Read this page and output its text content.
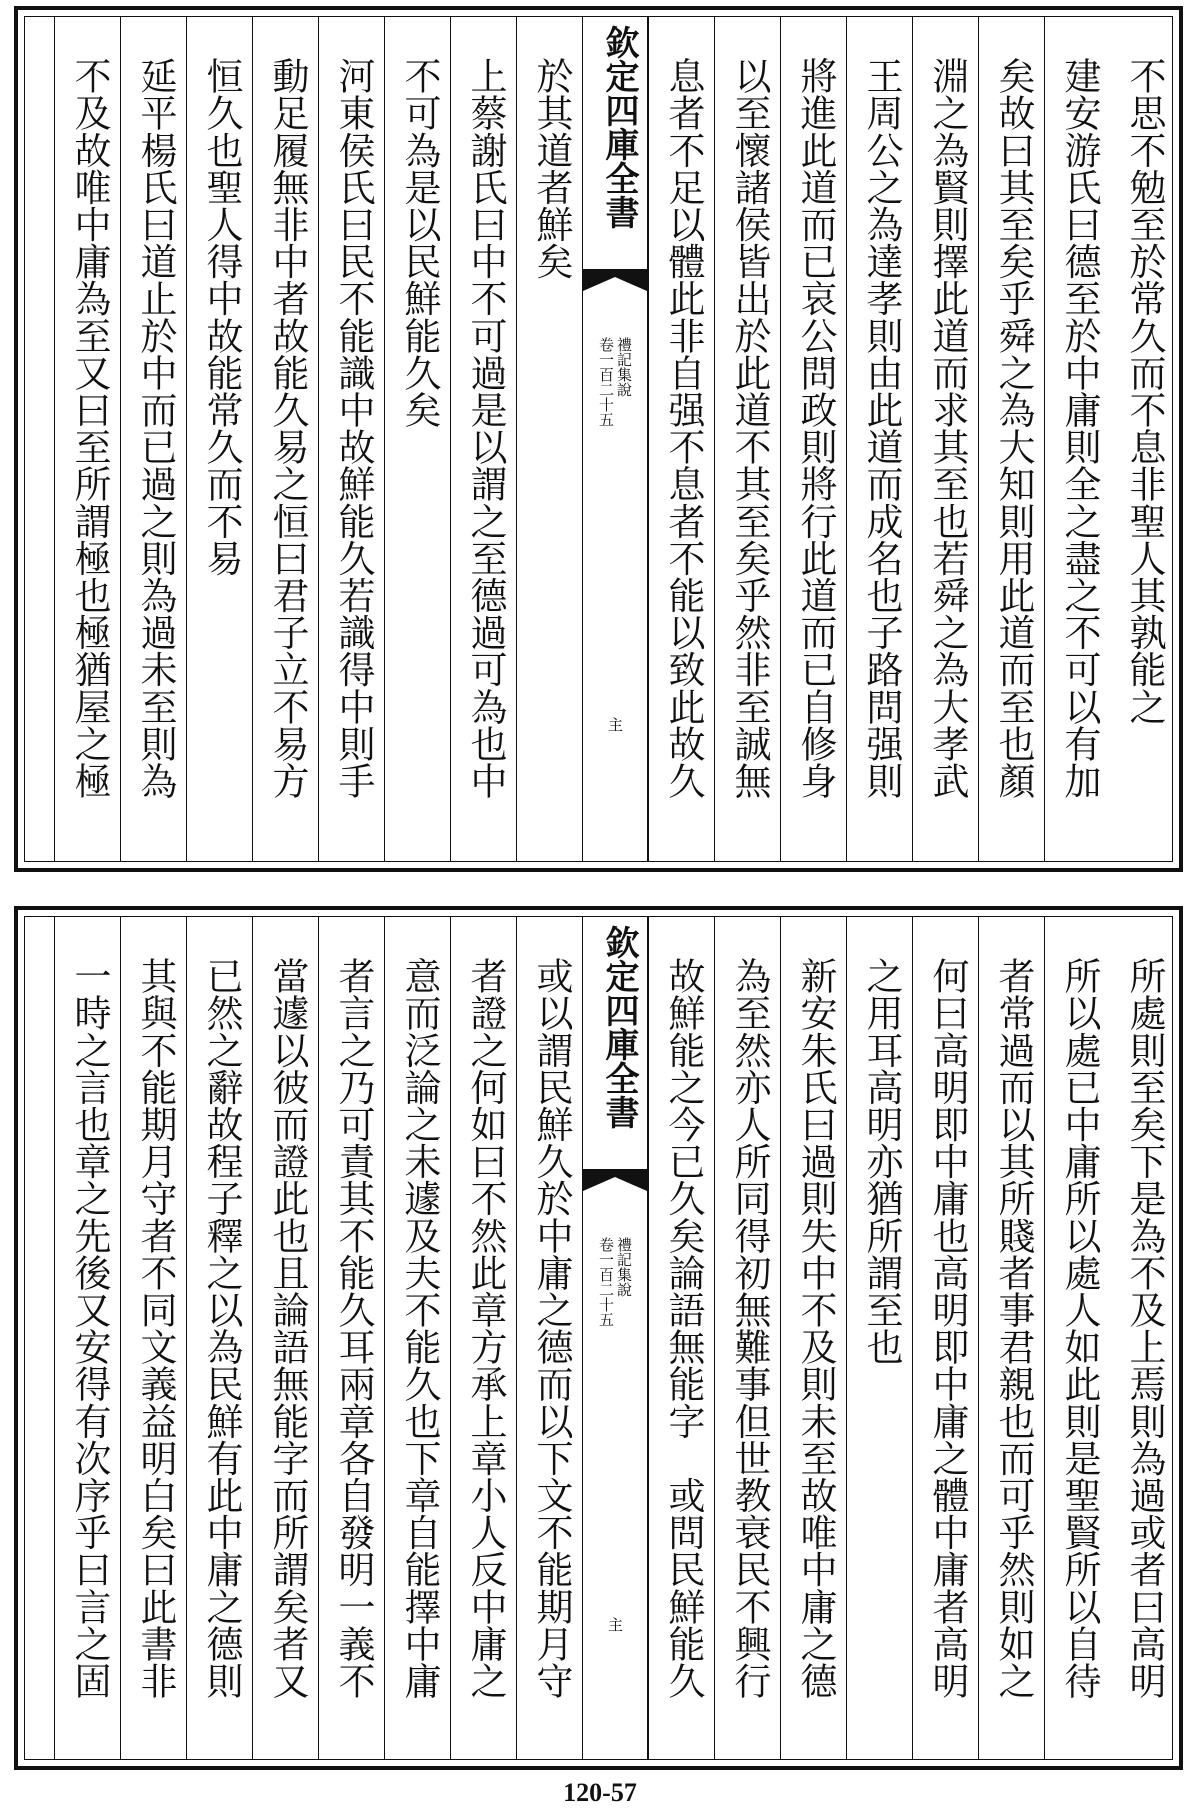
不思不勉至於常久而不息非聖人其孰能之
建安游氏曰德至於中庸則全之盡之不可以有加
矣故曰其至矣乎舜之為大知則用此道而至也顏
淵之為賢則擇此道而求其至也若舜之為大孝武
王周公之為達孝則由此道而成名也子路問强則
將進此道而已哀公問政則將行此道而已自修身
以至懷諸侯皆出於此道不其至矣乎然非至誠無
息者不足以體此非自强不息者不能以致此故久
欽定四庫全書
禮記集說
卷一百二十五
主
於其道者鮮矣
上蔡謝氏曰中不可過是以謂之至德過可為也中
不可為是以民鮮能久矣
河東侯氏曰民不能識中故鮮能久若識得中則手
動足履無非中者故能久易之恒曰君子立不易方
恒久也聖人得中故能常久而不易
延平楊氏曰道止於中而已過之則為過未至則為
不及故唯中庸為至又曰至所謂極也極猶屋之極
所處則至矣下是為不及上焉則為過或者曰高明
所以處已中庸所以處人如此則是聖賢所以自待
者常過而以其所賤者事君親也而可乎然則如之
何曰高明即中庸也高明即中庸之體中庸者高明
之用耳高明亦猶所謂至也
新安朱氏曰過則失中不及則未至故唯中庸之德
為至然亦人所同得初無難事但世教衰民不興行
故鮮能之今已久矣論語無能字　或問民鮮能久
欽定四庫全書
禮記集說
卷一百二十五
主
或以謂民鮮久於中庸之德而以下文不能期月守
者證之何如曰不然此章方承上章小人反中庸之
意而泛論之未遽及夫不能久也下章自能擇中庸
者言之乃可責其不能久耳兩章各自發明一義不
當遽以彼而證此也且論語無能字而所謂矣者又
已然之辭故程子釋之以為民鮮有此中庸之德則
其與不能期月守者不同文義益明白矣曰此書非
一時之言也章之先後又安得有次序乎曰言之固
120-57
